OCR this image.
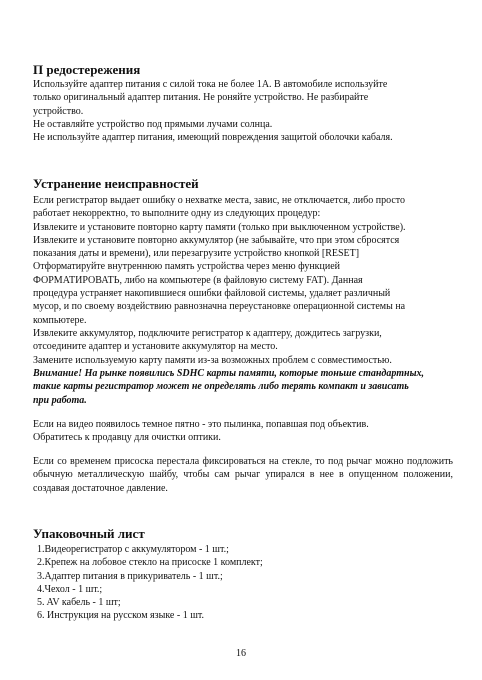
П редостережения

Используйте адаптер питания с силой тока не более 1А. В автомобиле используйте

только оригинальный адаптер питания. Не роняйте устройство. Не разбирайте

устройство.

Не оставляйте устройство под прямыми лучами солнца.

Не используйте адаптер питания, имеющий повреждения защитой оболочки кабаля.

Устранение неисправностей

Если регистратор выдает ошибку о нехватке места, завис, не отключается, либо просто

работает некорректно, то выполните одну из следующих процедур:

Извлеките и установите повторно карту памяти (только при выключенном устройстве).

Извлеките и установите повторно аккумулятор (не забывайте, что при этом сбросятся

показания даты и времени), или перезагрузите устройство кнопкой [RESET]

Отформатируйте внутреннюю память устройства через меню функцией

ФОРМАТИРОВАТЬ, либо на компьютере (в файловую систему FAT). Данная

процедура устраняет накопившиеся ошибки файловой системы, удаляет различный

мусор, и по своему воздействию равнозначна переустановке операционной системы на

компьютере.

Извлеките аккумулятор, подключите регистратор к адаптеру, дождитесь загрузки,

отсоедините адаптер и установите аккумулятор на место.

Замените используемую карту памяти из-за возможных проблем с совместимостью.

Внимание! На рынке появились SDHC карты памяти, которые тоньше стандартных,

такие карты регистратор может не определять либо терять компакт и зависать

при работа.

Если на видео появилось темное пятно - это пылинка, попавшая под объектив.

Обратитесь к продавцу для очистки оптики.

Если со временем присоска перестала фиксироваться на стекле, то под рычаг можно подложить обычную металлическую шайбу, чтобы сам рычаг упирался в нее в опущенном положении, создавая достаточное давление.

Упаковочный лист
1.Видеорегистратор с аккумулятором - 1 шт.;
2.Крепеж на лобовое стекло на присоске 1 комплект;
3.Адаптер питания в прикуриватель - 1 шт.;
4.Чехол - 1 шт.;
5. AV кабель - 1 шт;
6. Инструкция на русском языке - 1 шт.
16
